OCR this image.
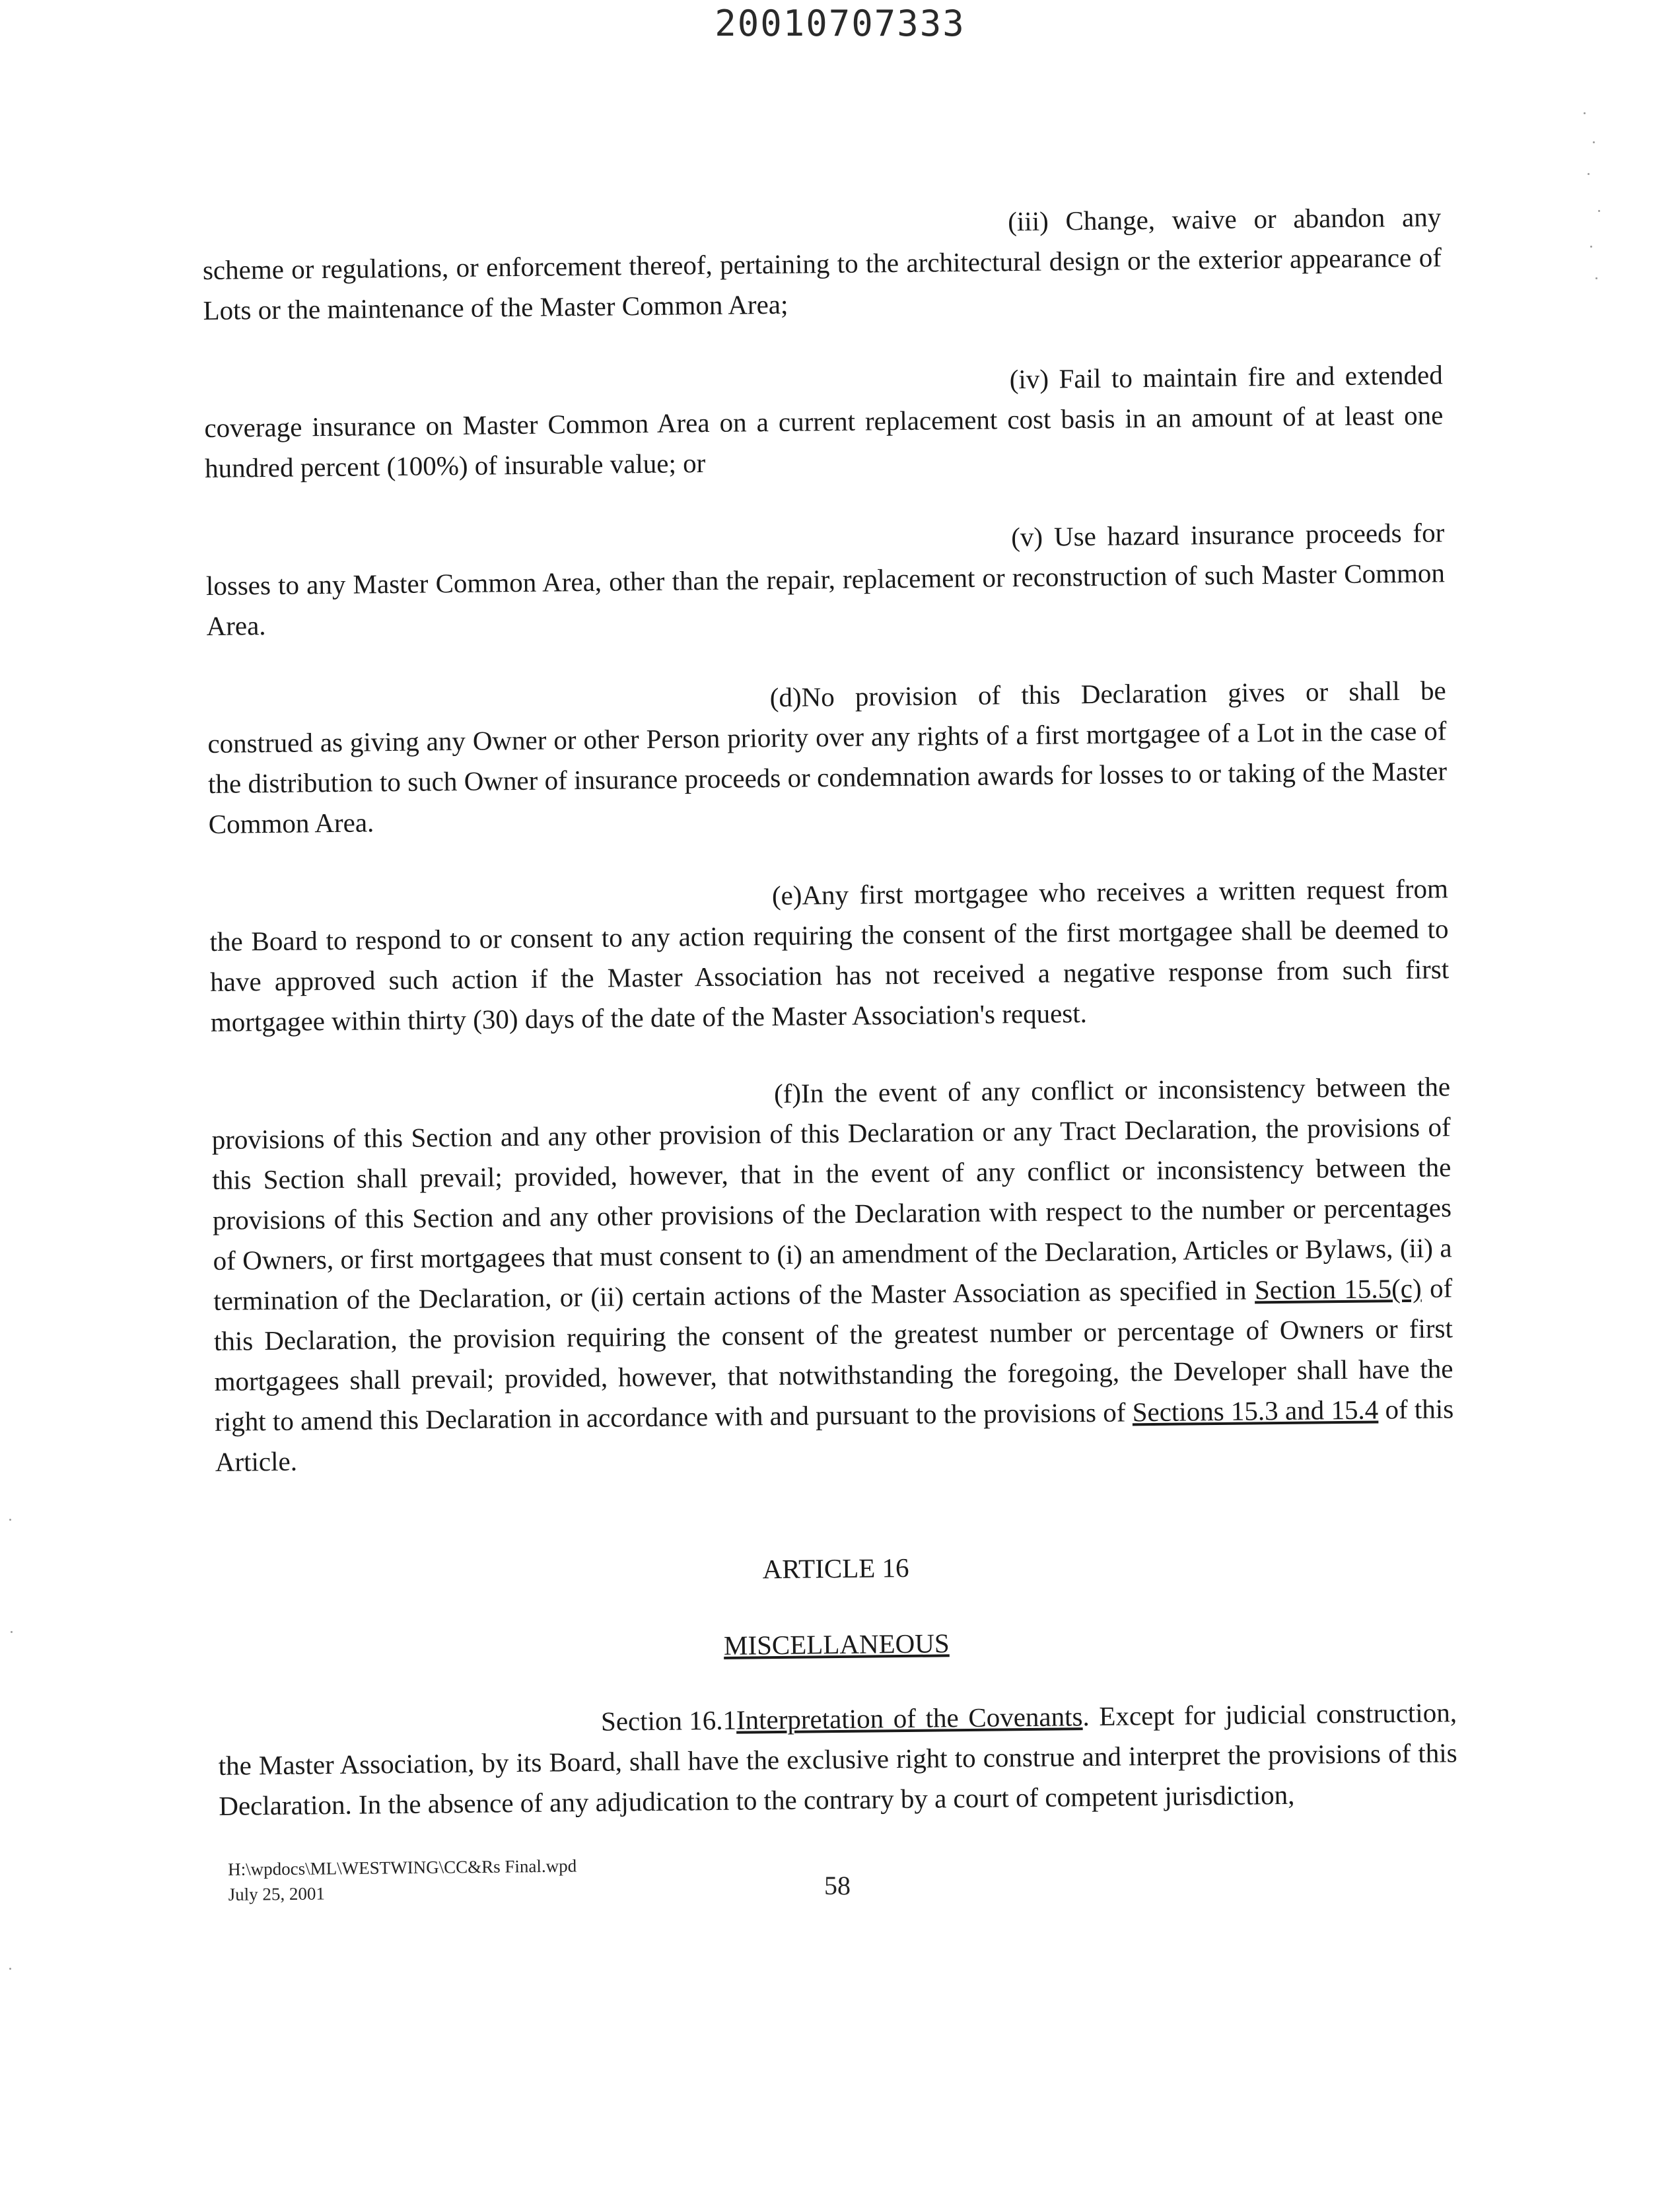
20010707333

(iii) Change, waive or abandon any scheme or regulations, or enforcement thereof, pertaining to the architectural design or the exterior appearance of Lots or the maintenance of the Master Common Area;

(iv) Fail to maintain fire and extended coverage insurance on Master Common Area on a current replacement cost basis in an amount of at least one hundred percent (100%) of insurable value; or

(v) Use hazard insurance proceeds for losses to any Master Common Area, other than the repair, replacement or reconstruction of such Master Common Area.

(d)No provision of this Declaration gives or shall be construed as giving any Owner or other Person priority over any rights of a first mortgagee of a Lot in the case of the distribution to such Owner of insurance proceeds or condemnation awards for losses to or taking of the Master Common Area.

(e)Any first mortgagee who receives a written request from the Board to respond to or consent to any action requiring the consent of the first mortgagee shall be deemed to have approved such action if the Master Association has not received a negative response from such first mortgagee within thirty (30) days of the date of the Master Association's request.

(f)In the event of any conflict or inconsistency between the provisions of this Section and any other provision of this Declaration or any Tract Declaration, the provisions of this Section shall prevail; provided, however, that in the event of any conflict or inconsistency between the provisions of this Section and any other provisions of the Declaration with respect to the number or percentages of Owners, or first mortgagees that must consent to (i) an amendment of the Declaration, Articles or Bylaws, (ii) a termination of the Declaration, or (ii) certain actions of the Master Association as specified in Section 15.5(c) of this Declaration, the provision requiring the consent of the greatest number or percentage of Owners or first mortgagees shall prevail; provided, however, that notwithstanding the foregoing, the Developer shall have the right to amend this Declaration in accordance with and pursuant to the provisions of Sections 15.3 and 15.4 of this Article.

ARTICLE 16
MISCELLANEOUS

Section 16.1Interpretation of the Covenants. Except for judicial construction, the Master Association, by its Board, shall have the exclusive right to construe and interpret the provisions of this Declaration. In the absence of any adjudication to the contrary by a court of competent jurisdiction,

H:\wpdocs\ML\WESTWING\CC&Rs Final.wpd
July 25, 2001	58
